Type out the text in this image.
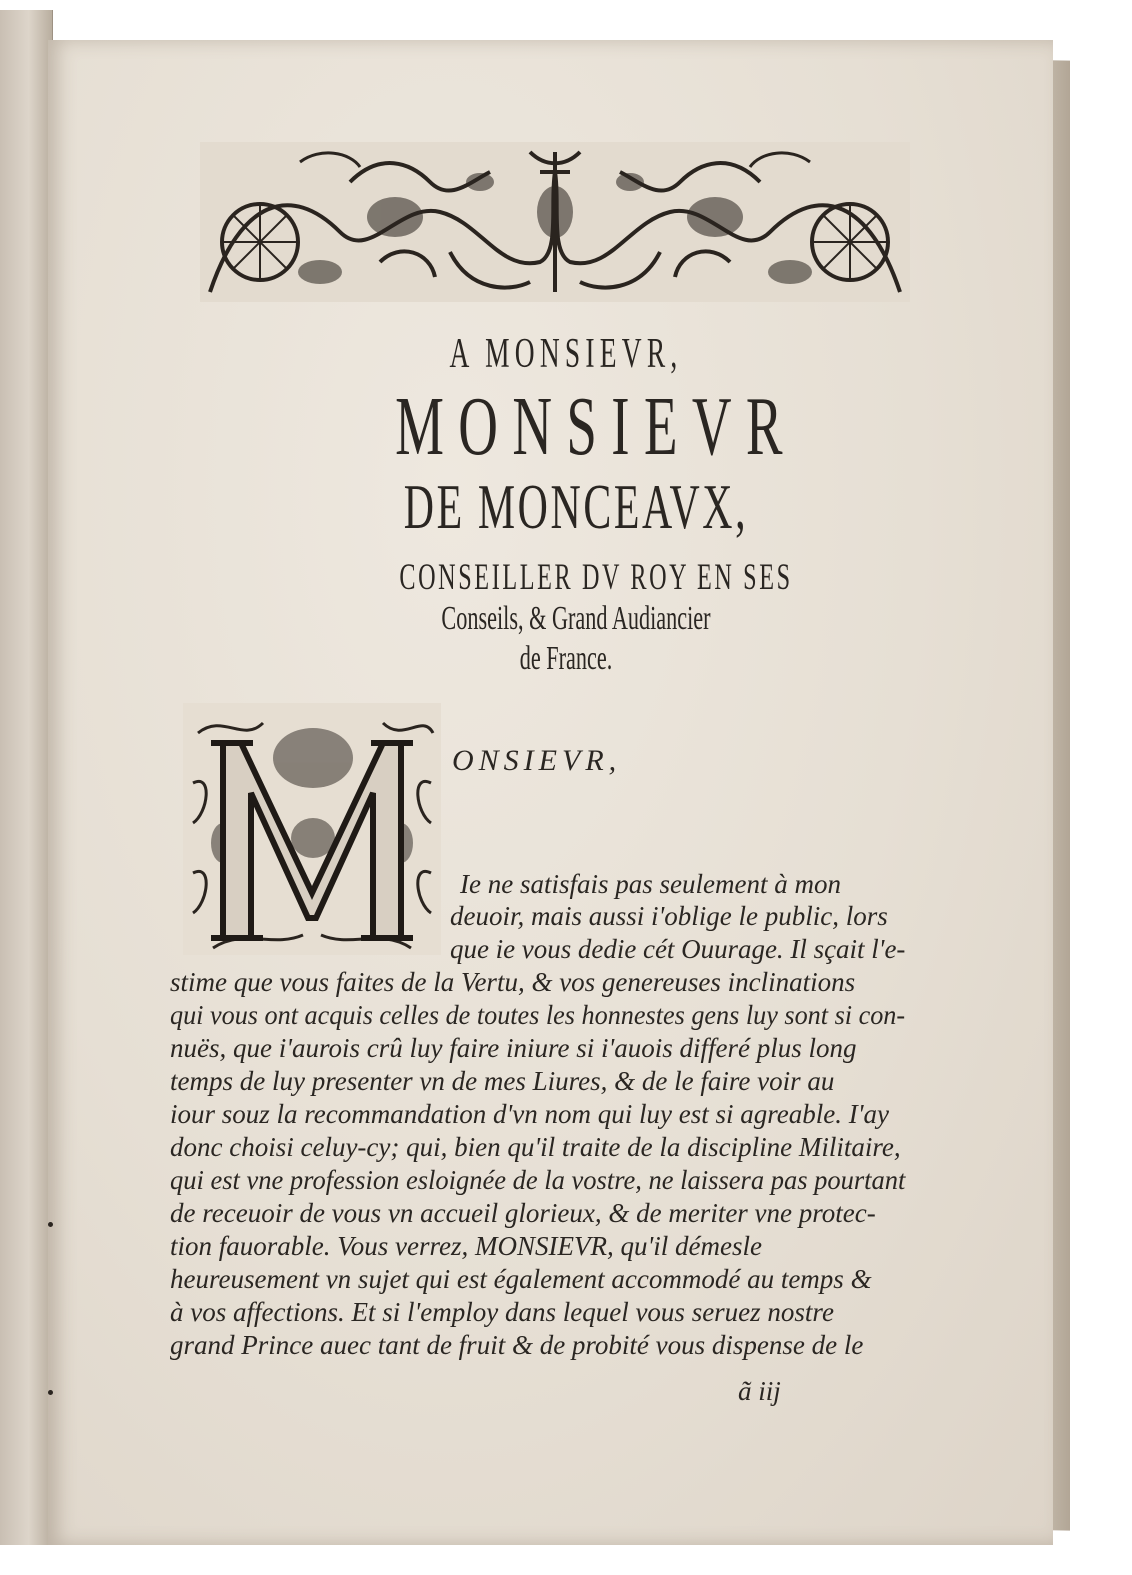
A MONSIEVR,
MONSIEVR
DE MONCEAVX,
CONSEILLER DV ROY EN SES
Conseils, & Grand Audiancier
de France.
ONSIEVR,
Ie ne satisfais pas seulement à mon
deuoir, mais aussi i'oblige le public, lors
que ie vous dedie cét Ouurage. Il sçait l'e-
stime que vous faites de la Vertu, & vos genereuses inclinations
qui vous ont acquis celles de toutes les honnestes gens luy sont si con-
nuës, que i'aurois crû luy faire iniure si i'auois differé plus long
temps de luy presenter vn de mes Liures, & de le faire voir au
iour souz la recommandation d'vn nom qui luy est si agreable. I'ay
donc choisi celuy-cy; qui, bien qu'il traite de la discipline Militaire,
qui est vne profession esloignée de la vostre, ne laissera pas pourtant
de receuoir de vous vn accueil glorieux, & de meriter vne protec-
tion fauorable. Vous verrez, MONSIEVR, qu'il démesle
heureusement vn sujet qui est également accommodé au temps &
à vos affections. Et si l'employ dans lequel vous seruez nostre
grand Prince auec tant de fruit & de probité vous dispense de le
ã iij
